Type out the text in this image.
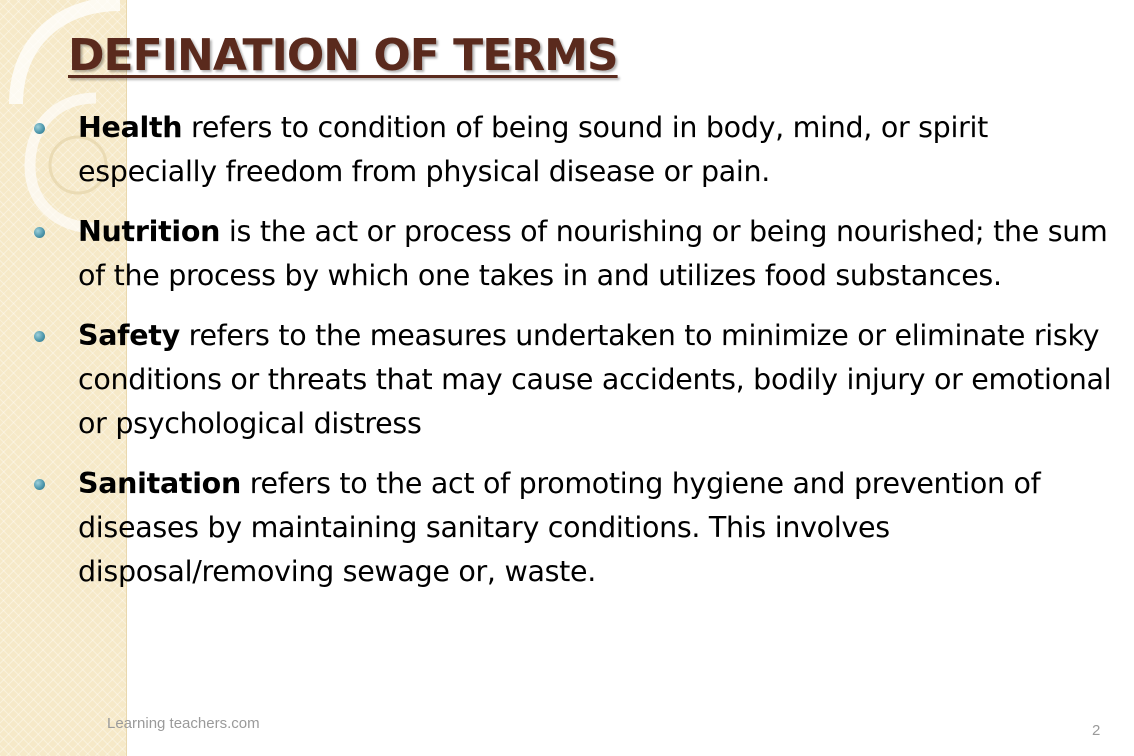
DEFINATION OF TERMS
Health refers to condition of being sound in body, mind, or spirit especially freedom from physical disease or pain.
Nutrition is the act or process of nourishing or being nourished; the sum of the process by which one takes in and utilizes food substances.
Safety refers to the measures undertaken to minimize or eliminate risky conditions or threats that may cause accidents, bodily injury or emotional or psychological distress
Sanitation refers to the act of promoting hygiene and prevention of diseases by maintaining sanitary conditions. This involves disposal/removing sewage or, waste.
Learning teachers.com	2
